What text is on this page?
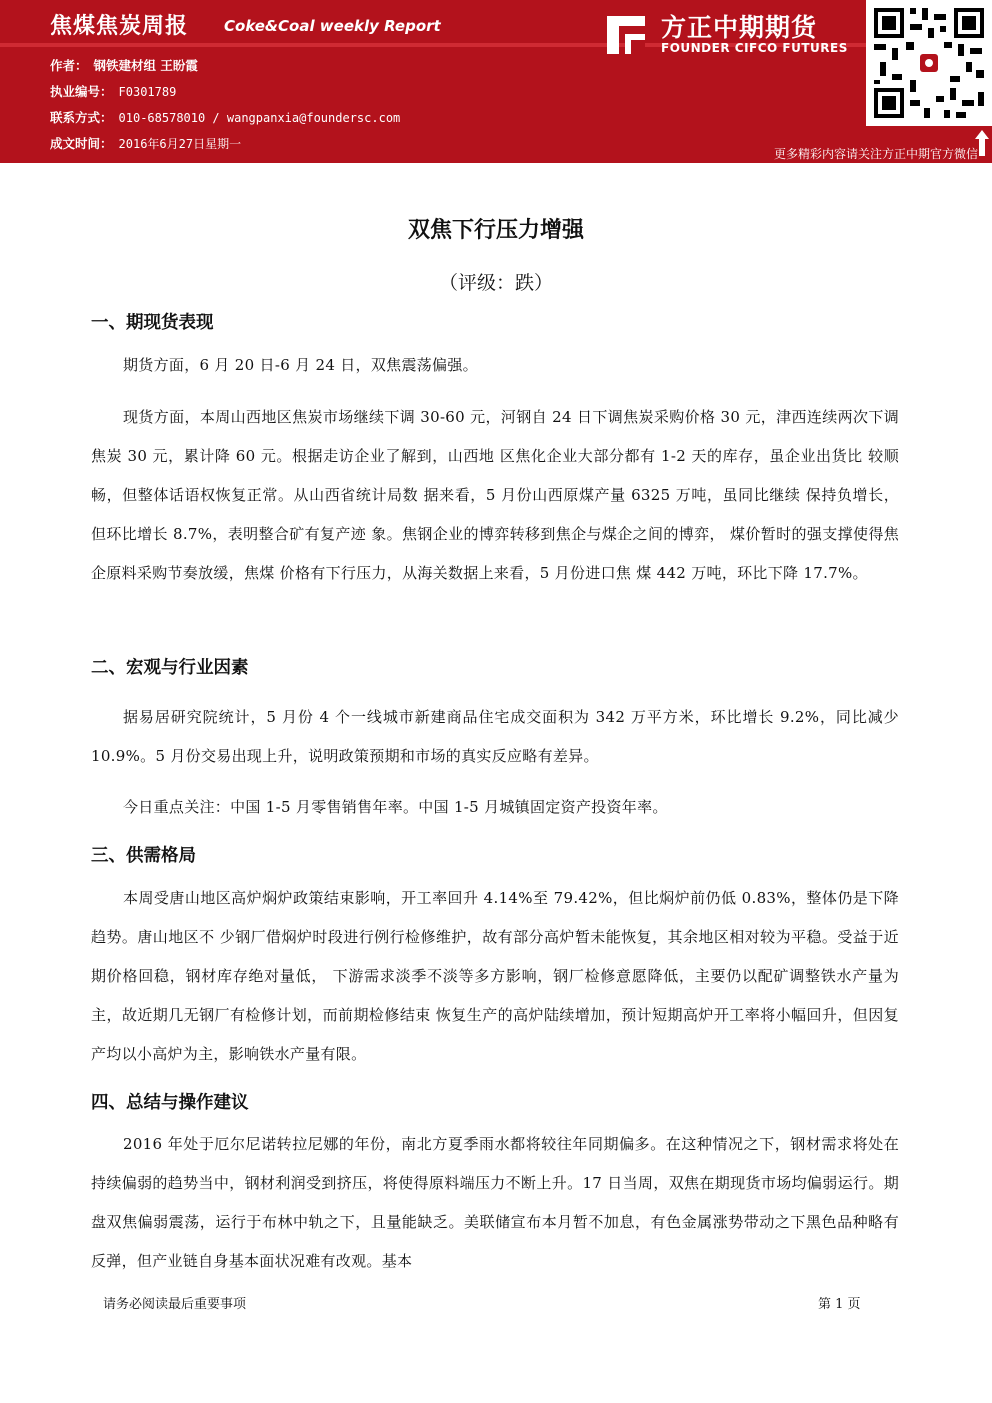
焦煤焦炭周报 Coke&Coal weekly Report
作者： 钢铁建材组 王盼霞
执业编号： F0301789
联系方式： 010-68578010 / wangpanxia@foundersc.com
成文时间： 2016年6月27日星期一
方正中期期货
FOUNDER CIFCO FUTURES
更多精彩内容请关注方正中期官方微信
双焦下行压力增强
（评级：跌）
一、期现货表现

期货方面，6 月 20 日-6 月 24 日，双焦震荡偏强。

现货方面，本周山西地区焦炭市场继续下调 30-60 元，河钢自 24 日下调焦炭采购价格 30 元，津西连续两次下调焦炭 30 元，累计降 60 元。根据走访企业了解到，山西地 区焦化企业大部分都有 1-2 天的库存，虽企业出货比 较顺畅，但整体话语权恢复正常。从山西省统计局数 据来看，5 月份山西原煤产量 6325 万吨，虽同比继续 保持负增长，但环比增长 8.7%，表明整合矿有复产迹 象。焦钢企业的博弈转移到焦企与煤企之间的博弈， 煤价暂时的强支撑使得焦企原料采购节奏放缓，焦煤 价格有下行压力，从海关数据上来看，5 月份进口焦 煤 442 万吨，环比下降 17.7%。

二、宏观与行业因素

据易居研究院统计，5 月份 4 个一线城市新建商品住宅成交面积为 342 万平方米，环比增长 9.2%，同比减少 10.9%。5 月份交易出现上升，说明政策预期和市场的真实反应略有差异。

今日重点关注：中国 1-5 月零售销售年率。中国 1-5 月城镇固定资产投资年率。

三、供需格局

本周受唐山地区高炉焖炉政策结束影响，开工率回升 4.14%至 79.42%，但比焖炉前仍低 0.83%，整体仍是下降趋势。唐山地区不 少钢厂借焖炉时段进行例行检修维护，故有部分高炉暂未能恢复，其余地区相对较为平稳。受益于近期价格回稳，钢材库存绝对量低， 下游需求淡季不淡等多方影响，钢厂检修意愿降低，主要仍以配矿调整铁水产量为主，故近期几无钢厂有检修计划，而前期检修结束 恢复生产的高炉陆续增加，预计短期高炉开工率将小幅回升，但因复产均以小高炉为主，影响铁水产量有限。

四、总结与操作建议

2016 年处于厄尔尼诺转拉尼娜的年份，南北方夏季雨水都将较往年同期偏多。在这种情况之下，钢材需求将处在持续偏弱的趋势当中，钢材利润受到挤压，将使得原料端压力不断上升。17 日当周，双焦在期现货市场均偏弱运行。期盘双焦偏弱震荡，运行于布林中轨之下，且量能缺乏。美联储宣布本月暂不加息，有色金属涨势带动之下黑色品种略有反弹，但产业链自身基本面状况难有改观。基本

请务必阅读最后重要事项	第 1 页
